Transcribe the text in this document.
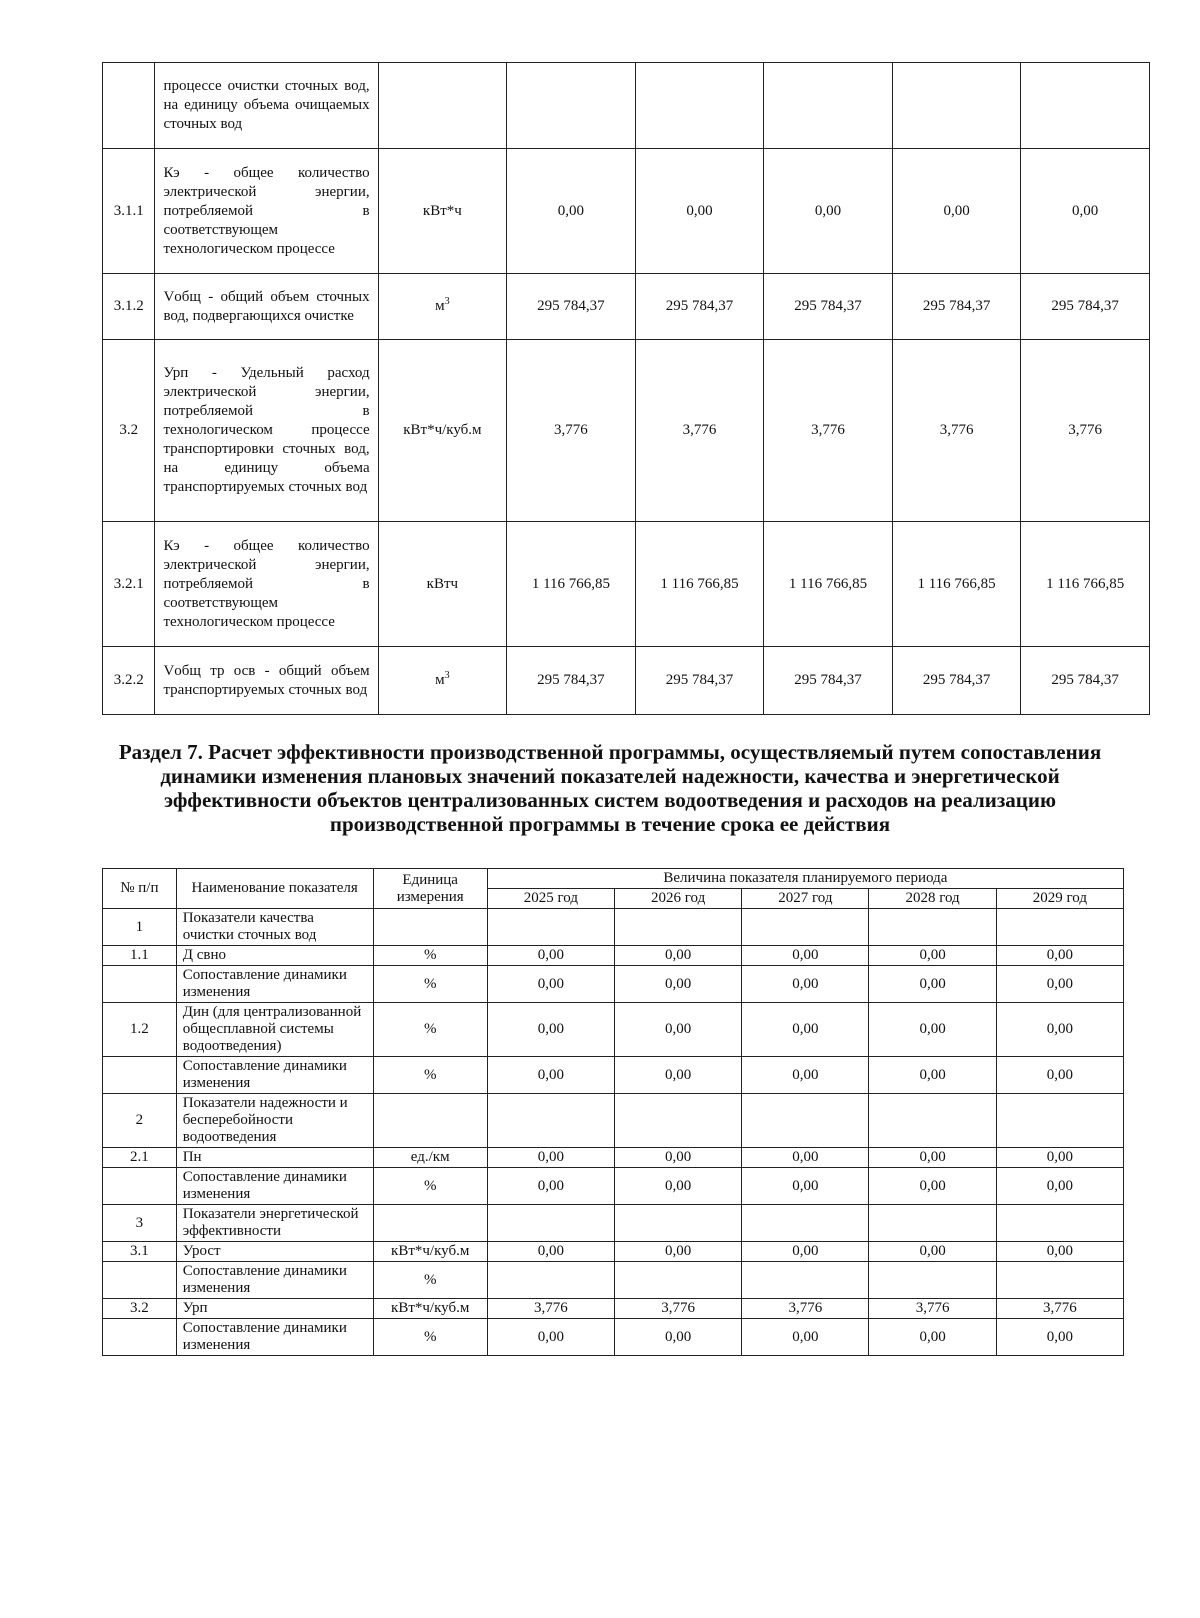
	процессе очистки сточных вод, на единицу объема очищаемых сточных вод						
3.1.1	Кэ - общее количество электрической энергии, потребляемой в соответствующем технологическом процессе	кВт*ч	0,00	0,00	0,00	0,00	0,00
3.1.2	Vобщ - общий объем сточных вод, подвергающихся очистке	$м^3$	295 784,37	295 784,37	295 784,37	295 784,37	295 784,37
3.2	Урп - Удельный расход электрической энергии, потребляемой в технологическом процессе транспортировки сточных вод, на единицу объема транспортируемых сточных вод	кВт*ч/куб.м	3,776	3,776	3,776	3,776	3,776
3.2.1	Кэ - общее количество электрической энергии, потребляемой в соответствующем технологическом процессе	кВтч	1 116 766,85	1 116 766,85	1 116 766,85	1 116 766,85	1 116 766,85
3.2.2	Vобщ тр осв - общий объем транспортируемых сточных вод	$м^3$	295 784,37	295 784,37	295 784,37	295 784,37	295 784,37
Раздел 7. Расчет эффективности производственной программы, осуществляемый путем сопоставления динамики изменения плановых значений показателей надежности, качества и энергетической эффективности объектов централизованных систем водоотведения и расходов на реализацию производственной программы в течение срока ее действия
№ п/п	Наименование показателя	Единица измерения	Величина показателя планируемого периода				
			2025 год	2026 год	2027 год	2028 год	2029 год
1	Показатели качества очистки сточных вод						
1.1	Д свно	%	0,00	0,00	0,00	0,00	0,00
	Сопоставление динамики изменения	%	0,00	0,00	0,00	0,00	0,00
1.2	Дин (для централизованной общесплавной системы водоотведения)	%	0,00	0,00	0,00	0,00	0,00
	Сопоставление динамики изменения	%	0,00	0,00	0,00	0,00	0,00
2	Показатели надежности и бесперебойности водоотведения						
2.1	Пн	ед./км	0,00	0,00	0,00	0,00	0,00
	Сопоставление динамики изменения	%	0,00	0,00	0,00	0,00	0,00
3	Показатели энергетической эффективности						
3.1	Урост	кВт*ч/куб.м	0,00	0,00	0,00	0,00	0,00
	Сопоставление динамики изменения	%					
3.2	Урп	кВт*ч/куб.м	3,776	3,776	3,776	3,776	3,776
	Сопоставление динамики изменения	%	0,00	0,00	0,00	0,00	0,00
